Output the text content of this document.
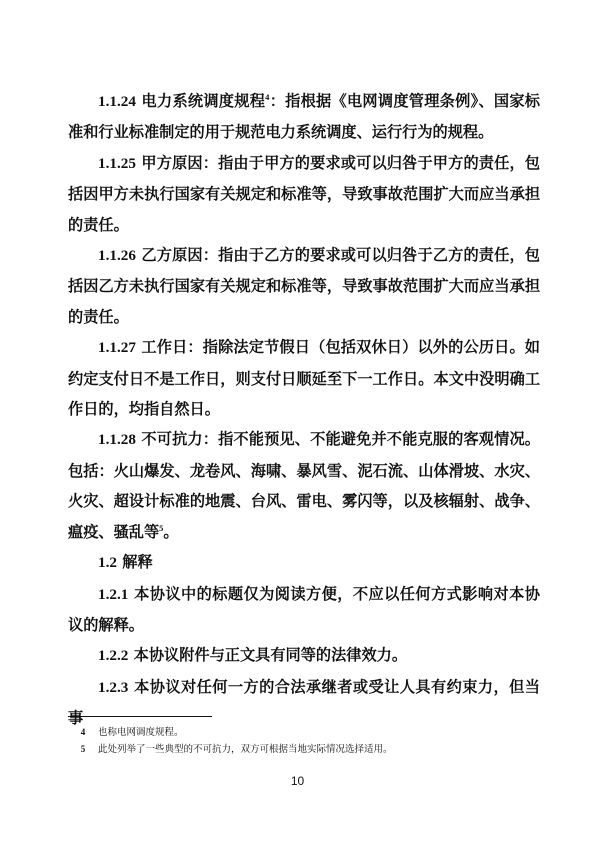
1.1.24 电力系统调度规程$^4$：指根据《电网调度管理条例》、国家标准和行业标准制定的用于规范电力系统调度、运行行为的规程。

1.1.25 甲方原因：指由于甲方的要求或可以归咎于甲方的责任，包括因甲方未执行国家有关规定和标准等，导致事故范围扩大而应当承担的责任。

1.1.26 乙方原因：指由于乙方的要求或可以归咎于乙方的责任，包括因乙方未执行国家有关规定和标准等，导致事故范围扩大而应当承担的责任。

1.1.27 工作日：指除法定节假日（包括双休日）以外的公历日。如约定支付日不是工作日，则支付日顺延至下一工作日。本文中没明确工作日的，均指自然日。

1.1.28 不可抗力：指不能预见、不能避免并不能克服的客观情况。包括：火山爆发、龙卷风、海啸、暴风雪、泥石流、山体滑坡、水灾、火灾、超设计标准的地震、台风、雷电、雾闪等，以及核辐射、战争、瘟疫、骚乱等$^5$。

1.2 解释

1.2.1 本协议中的标题仅为阅读方便，不应以任何方式影响对本协议的解释。

1.2.2 本协议附件与正文具有同等的法律效力。

1.2.3 本协议对任何一方的合法承继者或受让人具有约束力，但当事

4	也称电网调度规程。
5	此处列举了一些典型的不可抗力，双方可根据当地实际情况选择适用。
10
